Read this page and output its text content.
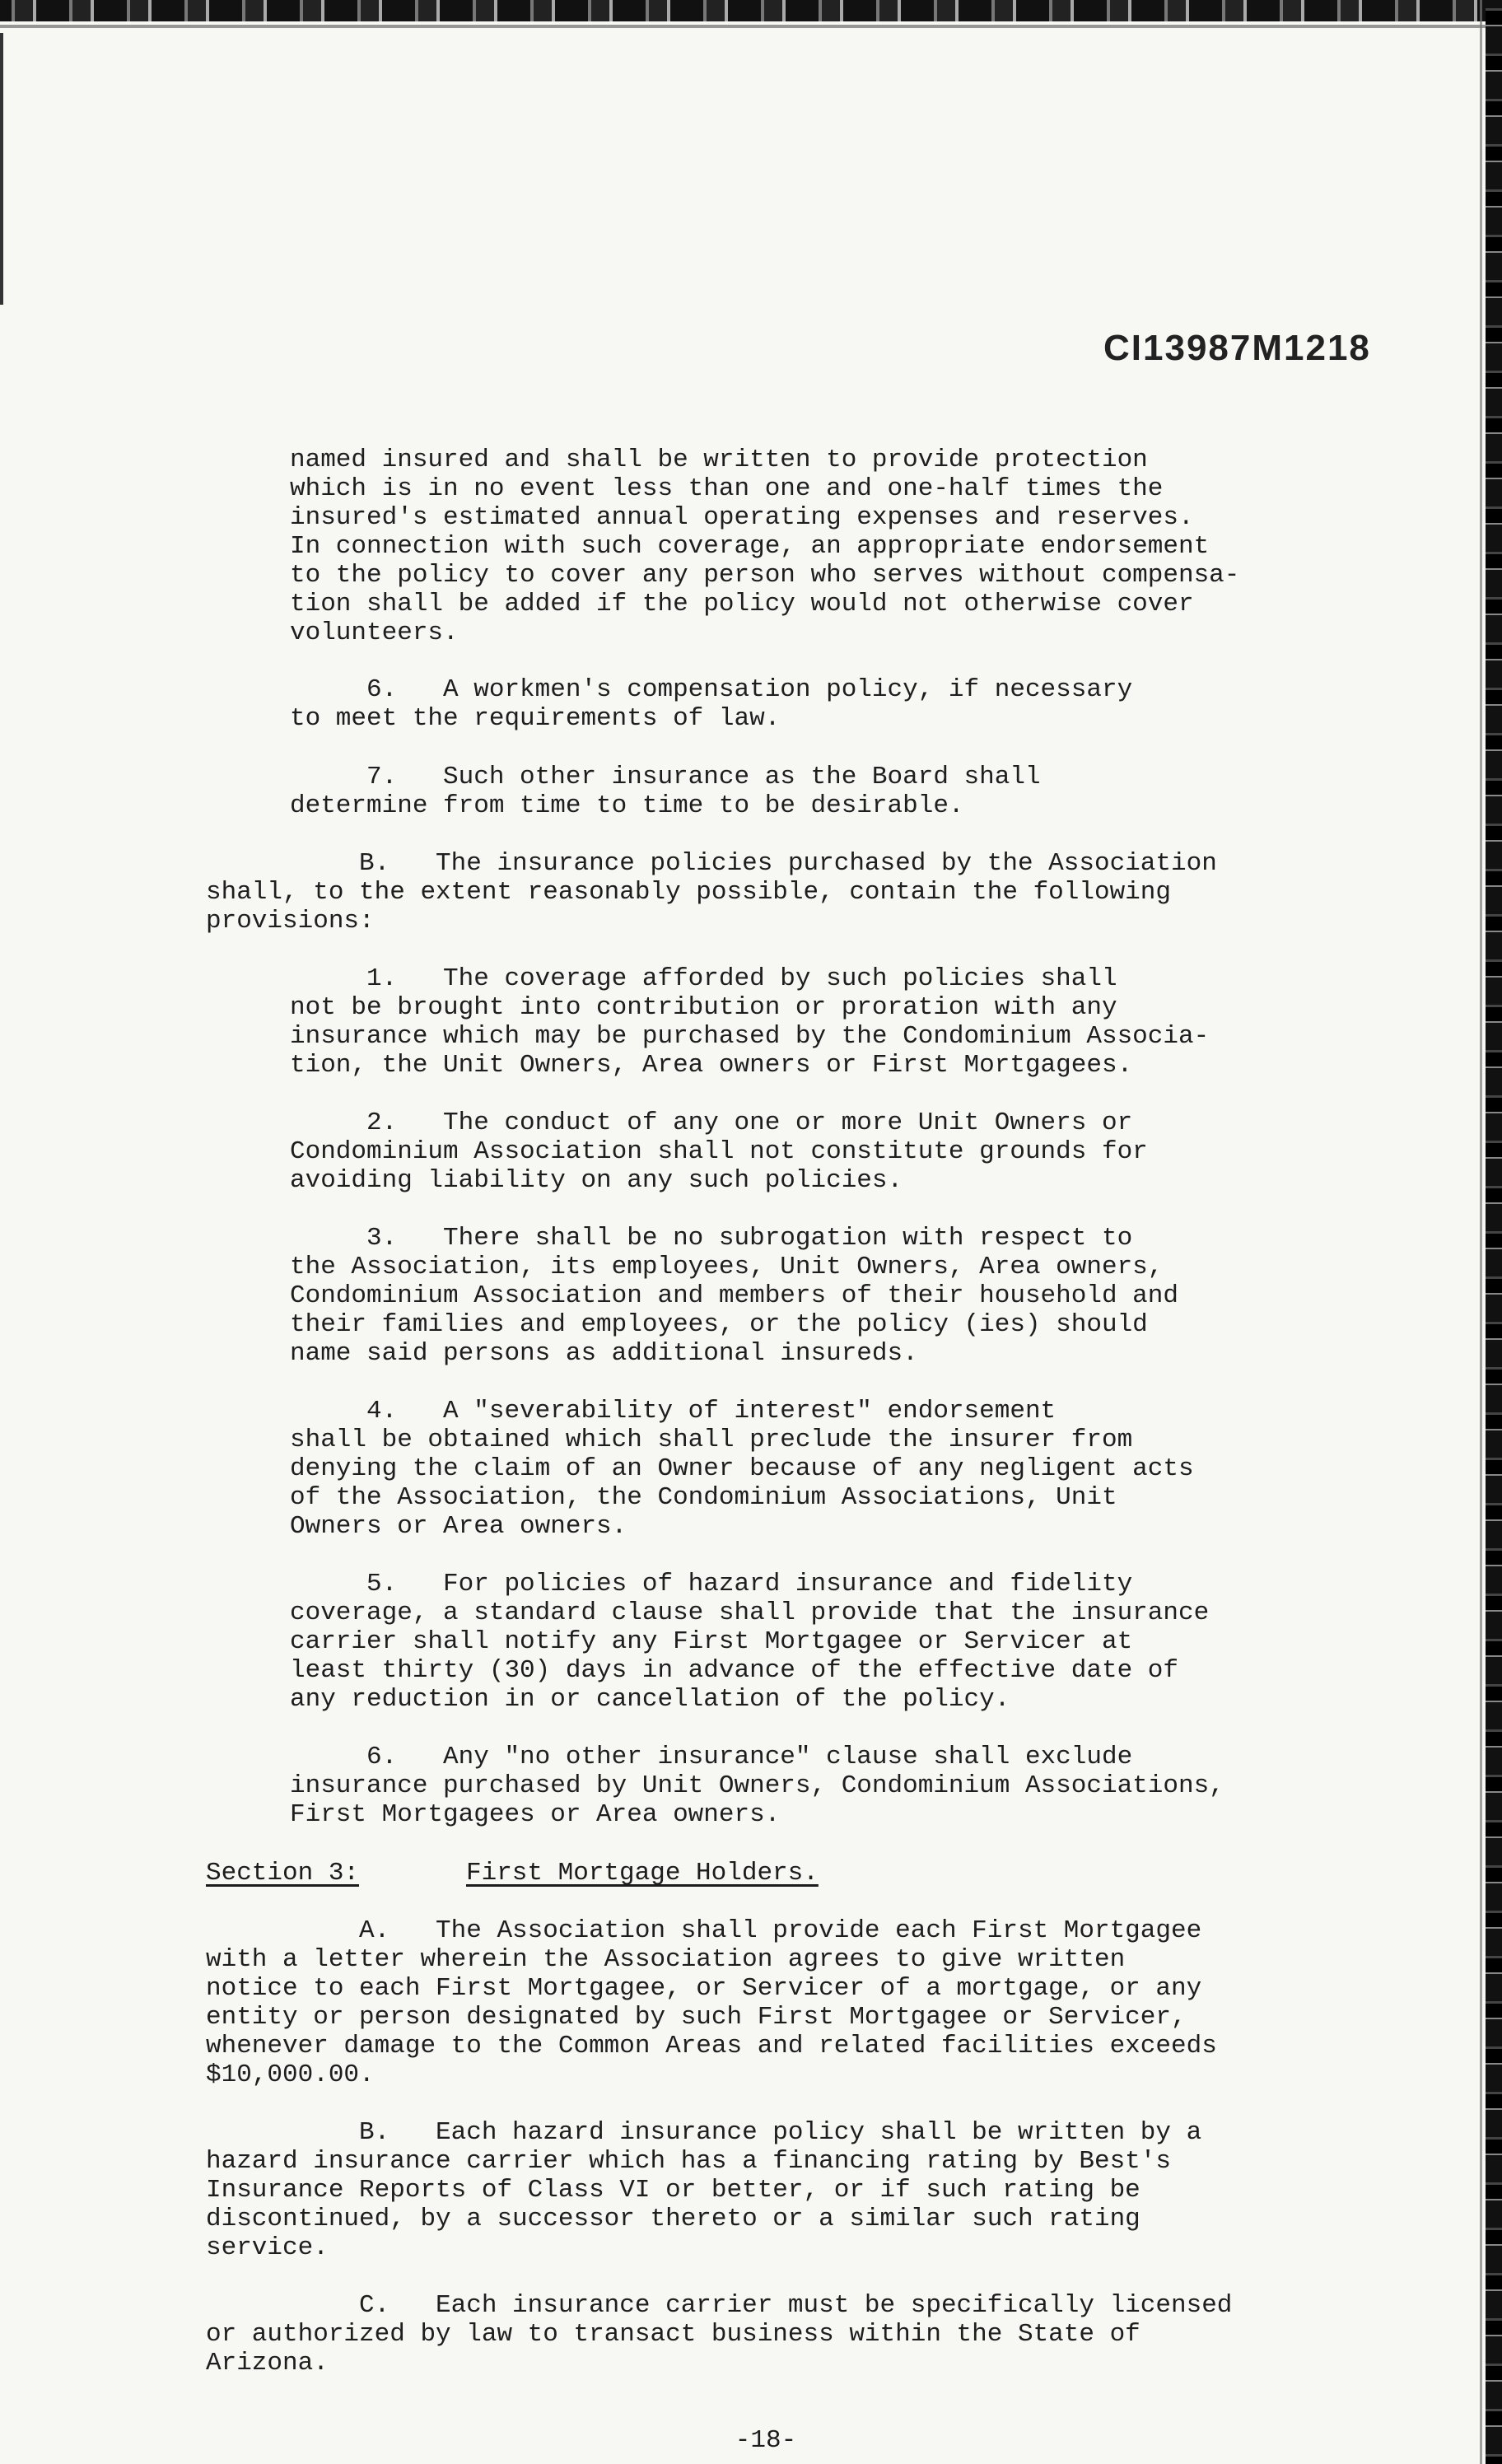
CI13987M1218
named insured and shall be written to provide protection
which is in no event less than one and one-half times the
insured's estimated annual operating expenses and reserves.
In connection with such coverage, an appropriate endorsement
to the policy to cover any person who serves without compensa-
tion shall be added if the policy would not otherwise cover
volunteers.
6.   A workmen's compensation policy, if necessary
to meet the requirements of law.
7.   Such other insurance as the Board shall
determine from time to time to be desirable.
B.   The insurance policies purchased by the Association
shall, to the extent reasonably possible, contain the following
provisions:
1.   The coverage afforded by such policies shall
not be brought into contribution or proration with any
insurance which may be purchased by the Condominium Associa-
tion, the Unit Owners, Area owners or First Mortgagees.
2.   The conduct of any one or more Unit Owners or
Condominium Association shall not constitute grounds for
avoiding liability on any such policies.
3.   There shall be no subrogation with respect to
the Association, its employees, Unit Owners, Area owners,
Condominium Association and members of their household and
their families and employees, or the policy (ies) should
name said persons as additional insureds.
4.   A "severability of interest" endorsement
shall be obtained which shall preclude the insurer from
denying the claim of an Owner because of any negligent acts
of the Association, the Condominium Associations, Unit
Owners or Area owners.
5.   For policies of hazard insurance and fidelity
coverage, a standard clause shall provide that the insurance
carrier shall notify any First Mortgagee or Servicer at
least thirty (30) days in advance of the effective date of
any reduction in or cancellation of the policy.
6.   Any "no other insurance" clause shall exclude
insurance purchased by Unit Owners, Condominium Associations,
First Mortgagees or Area owners.
Section 3:	First Mortgage Holders.
A.   The Association shall provide each First Mortgagee
with a letter wherein the Association agrees to give written
notice to each First Mortgagee, or Servicer of a mortgage, or any
entity or person designated by such First Mortgagee or Servicer,
whenever damage to the Common Areas and related facilities exceeds
$10,000.00.
B.   Each hazard insurance policy shall be written by a
hazard insurance carrier which has a financing rating by Best's
Insurance Reports of Class VI or better, or if such rating be
discontinued, by a successor thereto or a similar such rating
service.
C.   Each insurance carrier must be specifically licensed
or authorized by law to transact business within the State of
Arizona.
-18-
